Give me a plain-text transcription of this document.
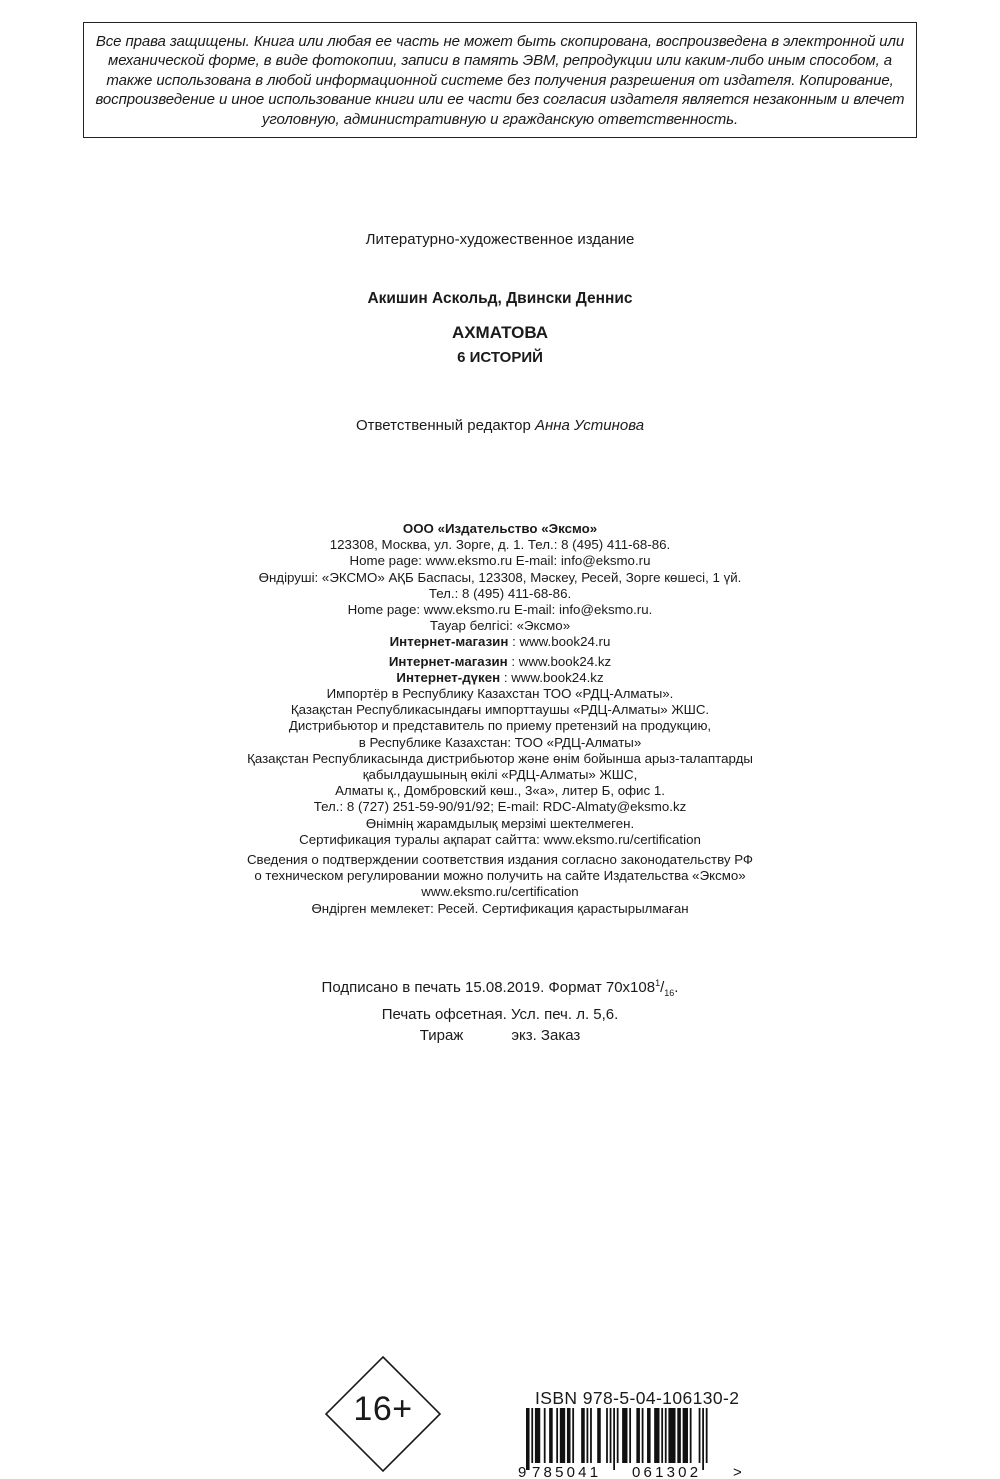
Все права защищены. Книга или любая ее часть не может быть скопирована, воспроизведена в электронной или механической форме, в виде фотокопии, записи в память ЭВМ, репродукции или каким-либо иным способом, а также использована в любой информационной системе без получения разрешения от издателя. Копирование, воспроизведение и иное использование книги или ее части без согласия издателя является незаконным и влечет уголовную, административную и гражданскую ответственность.

Литературно-художественное издание
Акишин Аскольд, Двински Деннис
АХМАТОВА
6 ИСТОРИЙ
Ответственный редактор Анна Устинова
ООО «Издательство «Эксмо»
123308, Москва, ул. Зорге, д. 1. Тел.: 8 (495) 411-68-86.
Home page: www.eksmo.ru E-mail: info@eksmo.ru
Өндіруші: «ЭКСМО» АҚБ Баспасы, 123308, Мәскеу, Ресей, Зорге көшесі, 1 үй.
Тел.: 8 (495) 411-68-86.
Home page: www.eksmo.ru E-mail: info@eksmo.ru.
Тауар белгісі: «Эксмо»
Интернет-магазин : www.book24.ru
Интернет-магазин : www.book24.kz
Интернет-дүкен : www.book24.kz
Импортёр в Республику Казахстан ТОО «РДЦ-Алматы».
Қазақстан Республикасындағы импорттаушы «РДЦ-Алматы» ЖШС.
Дистрибьютор и представитель по приему претензий на продукцию,
в Республике Казахстан: ТОО «РДЦ-Алматы»
Қазақстан Республикасында дистрибьютор және өнім бойынша арыз-талаптарды
қабылдаушының өкілі «РДЦ-Алматы» ЖШС,
Алматы қ., Домбровский көш., 3«а», литер Б, офис 1.
Тел.: 8 (727) 251-59-90/91/92; E-mail: RDC-Almaty@eksmo.kz
Өнімнің жарамдылық мерзімі шектелмеген.
Сертификация туралы ақпарат сайтта: www.eksmo.ru/certification
Сведения о подтверждении соответствия издания согласно законодательству РФ
о техническом регулировании можно получить на сайте Издательства «Эксмо»
www.eksmo.ru/certification
Өндірген мемлекет: Ресей. Сертификация қарастырылмаған
Подписано в печать 15.08.2019. Формат $70x108^1/_{16}$.
Печать офсетная. Усл. печ. л. 5,6.
Тираж	экз. Заказ
16+	ISBN 978-5-04-106130-2
9 785041 061302 >
